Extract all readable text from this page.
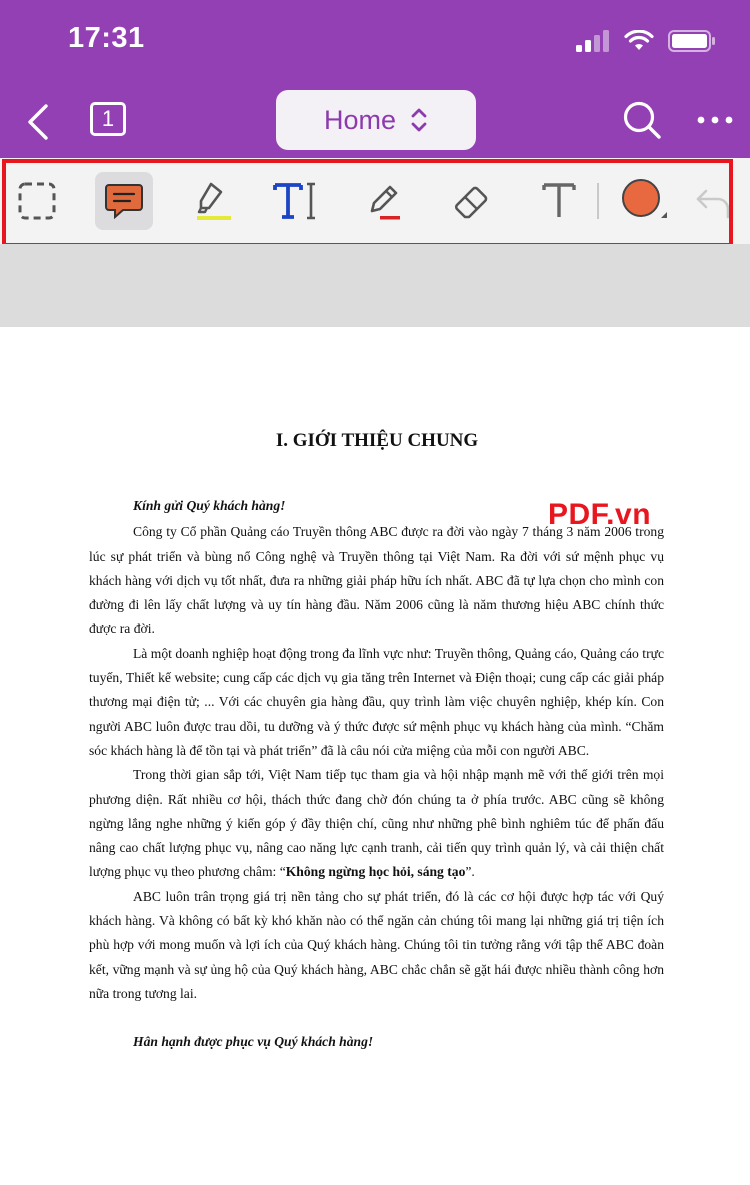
17:31
1	Home
I. GIỚI THIỆU CHUNG

Kính gửi Quý khách hàng!

Công ty Cổ phần Quảng cáo Truyền thông ABC được ra đời vào ngày 7 tháng 3 năm 2006 trong lúc sự phát triển và bùng nổ Công nghệ và Truyền thông tại Việt Nam. Ra đời với sứ mệnh phục vụ khách hàng với dịch vụ tốt nhất, đưa ra những giải pháp hữu ích nhất. ABC đã tự lựa chọn cho mình con đường đi lên lấy chất lượng và uy tín hàng đầu. Năm 2006 cũng là năm thương hiệu ABC chính thức được ra đời.

Là một doanh nghiệp hoạt động trong đa lĩnh vực như: Truyền thông, Quảng cáo, Quảng cáo trực tuyến, Thiết kế website; cung cấp các dịch vụ gia tăng trên Internet và Điện thoại; cung cấp các giải pháp thương mại điện tử; ... Với các chuyên gia hàng đầu, quy trình làm việc chuyên nghiệp, khép kín. Con người ABC luôn được trau dồi, tu dưỡng và ý thức được sứ mệnh phục vụ khách hàng của mình. “Chăm sóc khách hàng là để tồn tại và phát triển” đã là câu nói cửa miệng của mỗi con người ABC.

Trong thời gian sắp tới, Việt Nam tiếp tục tham gia và hội nhập mạnh mẽ với thế giới trên mọi phương diện. Rất nhiều cơ hội, thách thức đang chờ đón chúng ta ở phía trước. ABC cũng sẽ không ngừng lắng nghe những ý kiến góp ý đầy thiện chí, cũng như những phê bình nghiêm túc để phấn đấu nâng cao chất lượng phục vụ, nâng cao năng lực cạnh tranh, cải tiến quy trình quản lý, và cải thiện chất lượng phục vụ theo phương châm: “Không ngừng học hỏi, sáng tạo”.

ABC luôn trân trọng giá trị nền tảng cho sự phát triển, đó là các cơ hội được hợp tác với Quý khách hàng. Và không có bất kỳ khó khăn nào có thể ngăn cản chúng tôi mang lại những giá trị tiện ích phù hợp với mong muốn và lợi ích của Quý khách hàng. Chúng tôi tin tưởng rằng với tập thể ABC đoàn kết, vững mạnh và sự ủng hộ của Quý khách hàng, ABC chắc chắn sẽ gặt hái được nhiều thành công hơn nữa trong tương lai.

Hân hạnh được phục vụ Quý khách hàng!

PDF.vn
